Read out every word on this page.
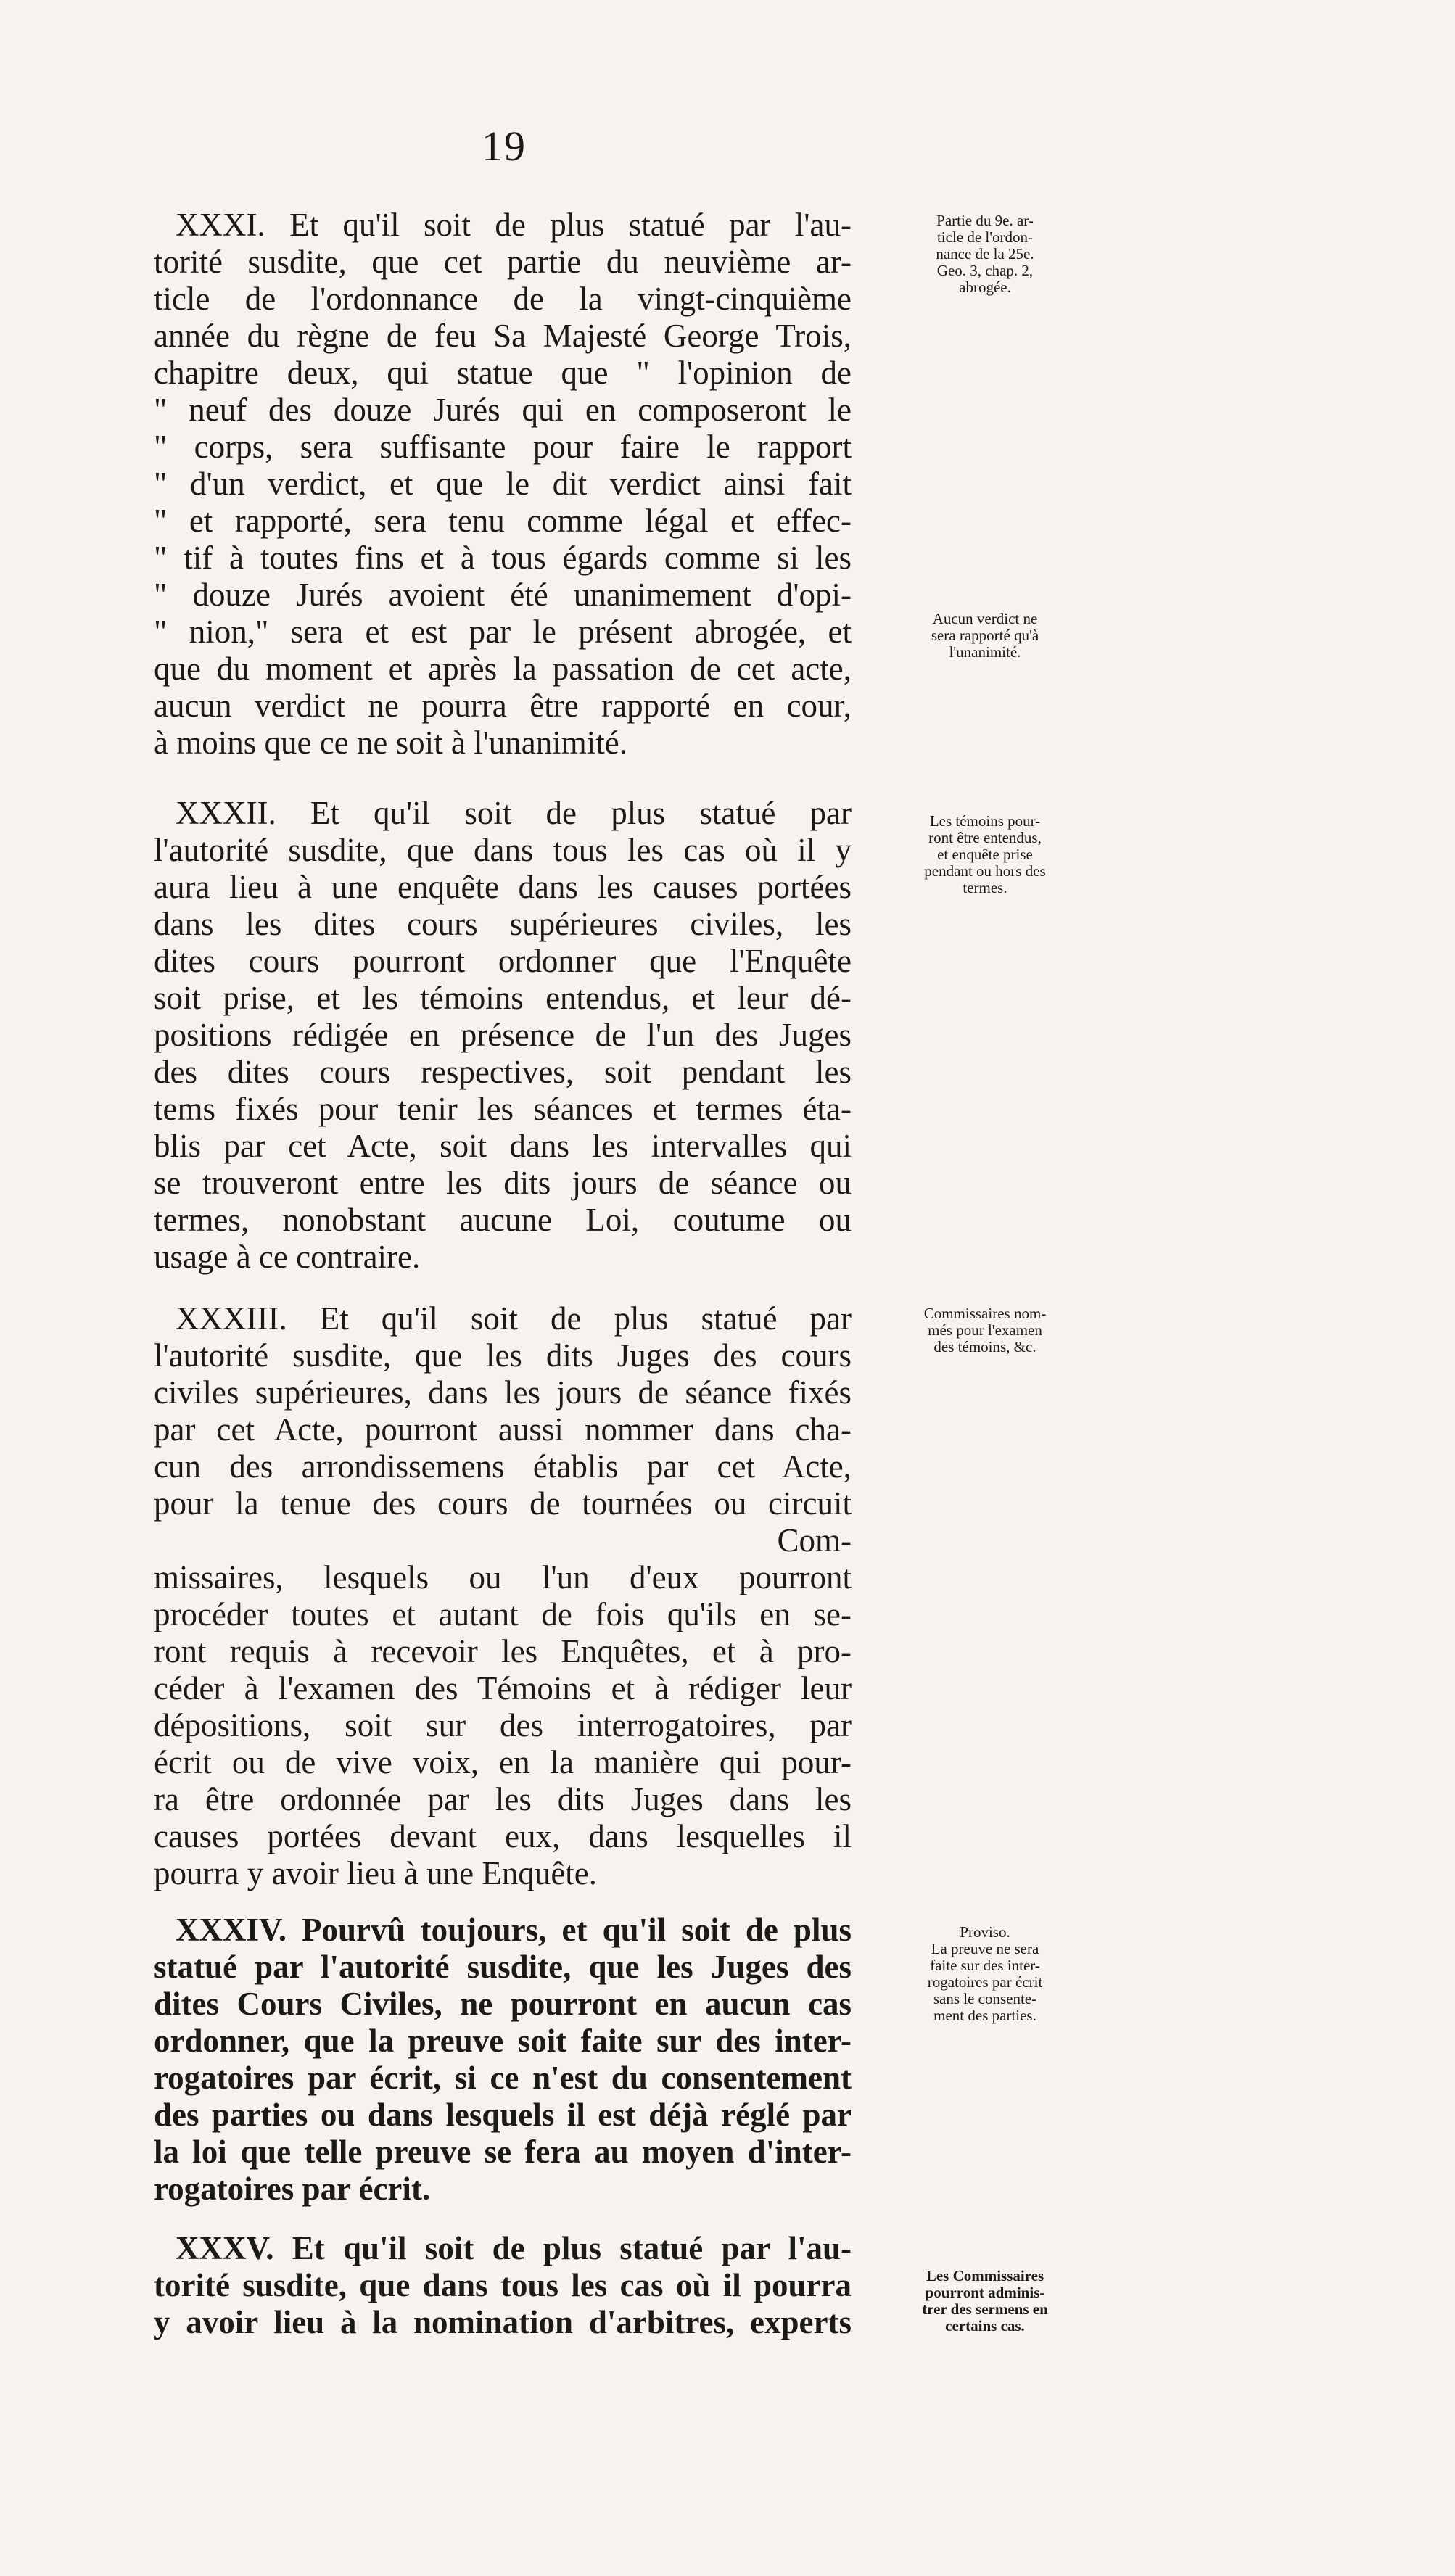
19
XXXI. Et qu'il soit de plus statué par l'au-
torité susdite, que cet partie du neuvième ar-
ticle de l'ordonnance de la vingt-cinquième
année du règne de feu Sa Majesté George Trois,
chapitre deux, qui statue que " l'opinion de
" neuf des douze Jurés qui en composeront le
" corps, sera suffisante pour faire le rapport
" d'un verdict, et que le dit verdict ainsi fait
" et rapporté, sera tenu comme légal et effec-
" tif à toutes fins et à tous égards comme si les
" douze Jurés avoient été unanimement d'opi-
" nion," sera et est par le présent abrogée, et
que du moment et après la passation de cet acte,
aucun verdict ne pourra être rapporté en cour,
à moins que ce ne soit à l'unanimité.
XXXII. Et qu'il soit de plus statué par
l'autorité susdite, que dans tous les cas où il y
aura lieu à une enquête dans les causes portées
dans les dites cours supérieures civiles, les
dites cours pourront ordonner que l'Enquête
soit prise, et les témoins entendus, et leur dé-
positions rédigée en présence de l'un des Juges
des dites cours respectives, soit pendant les
tems fixés pour tenir les séances et termes éta-
blis par cet Acte, soit dans les intervalles qui
se trouveront entre les dits jours de séance ou
termes, nonobstant aucune Loi, coutume ou
usage à ce contraire.
XXXIII. Et qu'il soit de plus statué par
l'autorité susdite, que les dits Juges des cours
civiles supérieures, dans les jours de séance fixés
par cet Acte, pourront aussi nommer dans cha-
cun des arrondissemens établis par cet Acte,
pour la tenue des cours de tournées ou circuit
Com-
missaires, lesquels ou l'un d'eux pourront
procéder toutes et autant de fois qu'ils en se-
ront requis à recevoir les Enquêtes, et à pro-
céder à l'examen des Témoins et à rédiger leur
dépositions, soit sur des interrogatoires, par
écrit ou de vive voix, en la manière qui pour-
ra être ordonnée par les dits Juges dans les
causes portées devant eux, dans lesquelles il
pourra y avoir lieu à une Enquête.
XXXIV. Pourvû toujours, et qu'il soit de plus
statué par l'autorité susdite, que les Juges des
dites Cours Civiles, ne pourront en aucun cas
ordonner, que la preuve soit faite sur des inter-
rogatoires par écrit, si ce n'est du consentement
des parties ou dans lesquels il est déjà réglé par
la loi que telle preuve se fera au moyen d'inter-
rogatoires par écrit.
XXXV. Et qu'il soit de plus statué par l'au-
torité susdite, que dans tous les cas où il pourra
y avoir lieu à la nomination d'arbitres, experts
Partie du 9e. ar-
ticle de l'ordon-
nance de la 25e.
Geo. 3, chap. 2,
abrogée.
Aucun verdict ne
sera rapporté qu'à
l'unanimité.
Les témoins pour-
ront être entendus,
et enquête prise
pendant ou hors des
termes.
Commissaires nom-
més pour l'examen
des témoins, &c.
Proviso.
La preuve ne sera
faite sur des inter-
rogatoires par écrit
sans le consente-
ment des parties.
Les Commissaires
pourront adminis-
trer des sermens en
certains cas.
